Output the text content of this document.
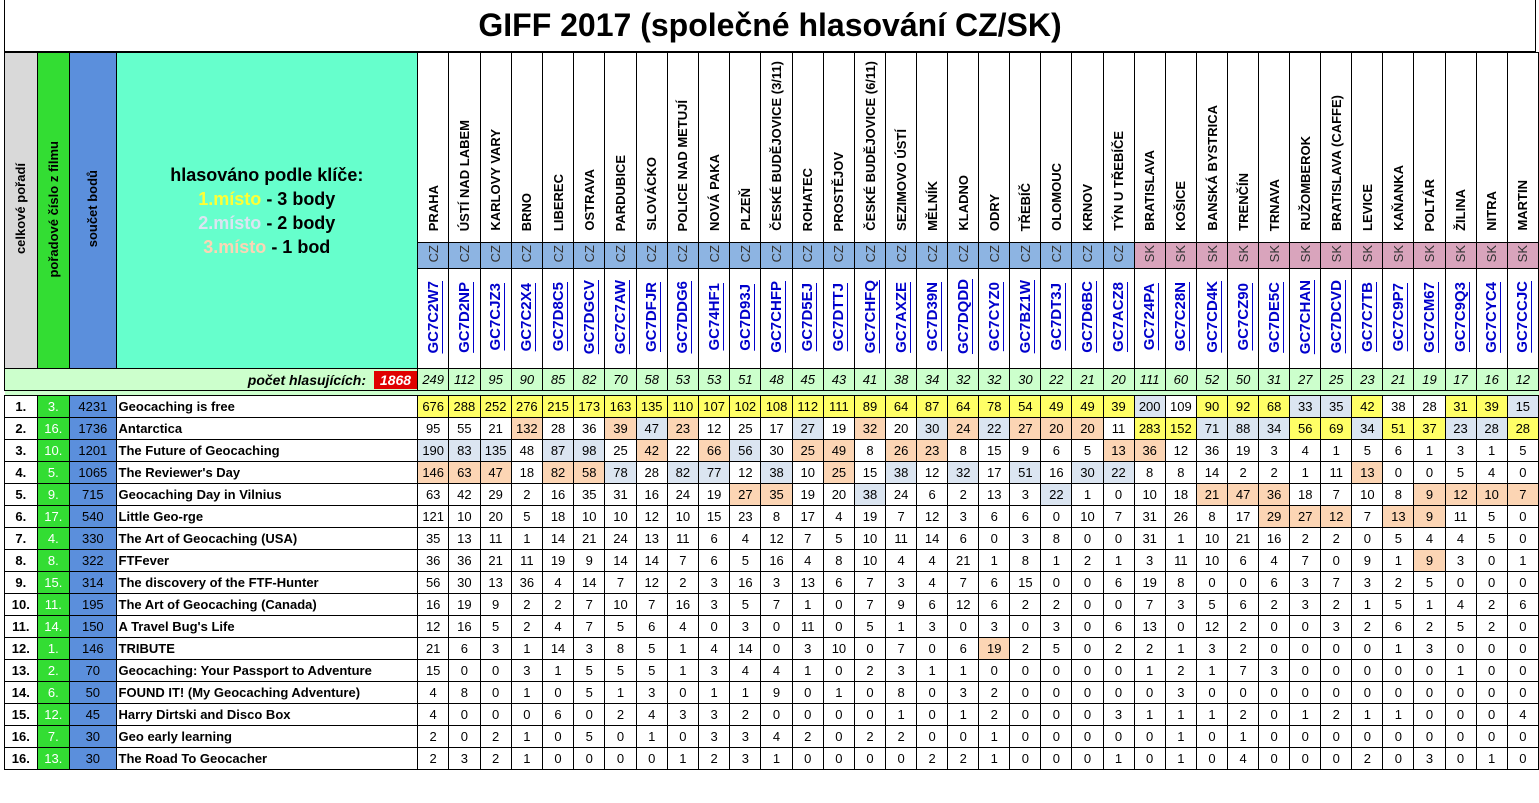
GIFF 2017 (společné hlasování CZ/SK)
celkové pořadí	pořadové číslo z filmu	součet bodů	hlasováno podle klíče:
1.místo - 3 body
2.místo - 2 body
3.místo - 1 bod	PRAHA	ÚSTÍ NAD LABEM	KARLOVY VARY	BRNO	LIBEREC	OSTRAVA	PARDUBICE	SLOVÁCKO	POLICE NAD METUJÍ	NOVÁ PAKA	PLZEŇ	ČESKÉ BUDĚJOVICE (3/11)	ROHATEC	PROSTĚJOV	ČESKÉ BUDĚJOVICE (6/11)	SEZIMOVO ÚSTÍ	MĚLNÍK	KLADNO	ODRY	TŘEBÍČ	OLOMOUC	KRNOV	TÝN U TŘEBÍČE	BRATISLAVA	KOŠICE	BANSKÁ BYSTRICA	TRENČÍN	TRNAVA	RUŽOMBEROK	BRATISLAVA (CAFFE)	LEVICE	KAŇANKA	POLTÁR	ŽILINA	NITRA	MARTIN
				CZ	CZ	CZ	CZ	CZ	CZ	CZ	CZ	CZ	CZ	CZ	CZ	CZ	CZ	CZ	CZ	CZ	CZ	CZ	CZ	CZ	CZ	CZ	SK	SK	SK	SK	SK	SK	SK	SK	SK	SK	SK	SK	SK
				GC7C2W7	GC7D2NP	GC7CJZ3	GC7C2X4	GC7D8C5	GC7DGCV	GC7C7AW	GC7DFJR	GC7DDG6	GC74HF1	GC7D93J	GC7CHFP	GC7D5EJ	GC7DTTJ	GC7CHFQ	GC7AXZE	GC7D39N	GC7DQDD	GC7CYZ0	GC7BZ1W	GC7DT3J	GC7D6BC	GC7ACZ8	GC724PA	GC7C28N	GC7CD4K	GC7CZ90	GC7DE5C	GC7CHAN	GC7DCVD	GC7C7TB	GC7C9P7	GC7CM67	GC7C9Q3	GC7CYC4	GC7CCJC
počet hlasujících: 1868				249	112	95	90	85	82	70	58	53	53	51	48	45	43	41	38	34	32	32	30	22	21	20	111	60	52	50	31	27	25	23	21	19	17	16	12

1.	3.	4231	Geocaching is free	676	288	252	276	215	173	163	135	110	107	102	108	112	111	89	64	87	64	78	54	49	49	39	200	109	90	92	68	33	35	42	38	28	31	39	15
2.	16.	1736	Antarctica	95	55	21	132	28	36	39	47	23	12	25	17	27	19	32	20	30	24	22	27	20	20	11	283	152	71	88	34	56	69	34	51	37	23	28	28
3.	10.	1201	The Future of Geocaching	190	83	135	48	87	98	25	42	22	66	56	30	25	49	8	26	23	8	15	9	6	5	13	36	12	36	19	3	4	1	5	6	1	3	1	5
4.	5.	1065	The Reviewer's Day	146	63	47	18	82	58	78	28	82	77	12	38	10	25	15	38	12	32	17	51	16	30	22	8	8	14	2	2	1	11	13	0	0	5	4	0
5.	9.	715	Geocaching Day in Vilnius	63	42	29	2	16	35	31	16	24	19	27	35	19	20	38	24	6	2	13	3	22	1	0	10	18	21	47	36	18	7	10	8	9	12	10	7
6.	17.	540	Little Geo-rge	121	10	20	5	18	10	10	12	10	15	23	8	17	4	19	7	12	3	6	6	0	10	7	31	26	8	17	29	27	12	7	13	9	11	5	0
7.	4.	330	The Art of Geocaching (USA)	35	13	11	1	14	21	24	13	11	6	4	12	7	5	10	11	14	6	0	3	8	0	0	31	1	10	21	16	2	2	0	5	4	4	5	0
8.	8.	322	FTFever	36	36	21	11	19	9	14	14	7	6	5	16	4	8	10	4	4	21	1	8	1	2	1	3	11	10	6	4	7	0	9	1	9	3	0	1
9.	15.	314	The discovery of the FTF-Hunter	56	30	13	36	4	14	7	12	2	3	16	3	13	6	7	3	4	7	6	15	0	0	6	19	8	0	0	6	3	7	3	2	5	0	0	0
10.	11.	195	The Art of Geocaching (Canada)	16	19	9	2	2	7	10	7	16	3	5	7	1	0	7	9	6	12	6	2	2	0	0	7	3	5	6	2	3	2	1	5	1	4	2	6
11.	14.	150	A Travel Bug's Life	12	16	5	2	4	7	5	6	4	0	3	0	11	0	5	1	3	0	3	0	3	0	6	13	0	12	2	0	0	3	2	6	2	5	2	0
12.	1.	146	TRIBUTE	21	6	3	1	14	3	8	5	1	4	14	0	3	10	0	7	0	6	19	2	5	0	2	2	1	3	2	0	0	0	0	1	3	0	0	0
13.	2.	70	Geocaching: Your Passport to Adventure	15	0	0	3	1	5	5	5	1	3	4	4	1	0	2	3	1	1	0	0	0	0	0	1	2	1	7	3	0	0	0	0	0	1	0	0
14.	6.	50	FOUND IT! (My Geocaching Adventure)	4	8	0	1	0	5	1	3	0	1	1	9	0	1	0	8	0	3	2	0	0	0	0	0	3	0	0	0	0	0	0	0	0	0	0	0
15.	12.	45	Harry Dirtski and Disco Box	4	0	0	0	6	0	2	4	3	3	2	0	0	0	0	1	0	1	2	0	0	0	3	1	1	1	2	0	1	2	1	1	0	0	0	4
16.	7.	30	Geo early learning	2	0	2	1	0	5	0	1	0	3	3	4	2	0	2	2	0	0	1	0	0	0	0	0	1	0	1	0	0	0	0	0	0	0	0	0
16.	13.	30	The Road To Geocacher	2	3	2	1	0	0	0	0	1	2	3	1	0	0	0	0	2	2	1	0	0	0	1	0	1	0	4	0	0	0	2	0	3	0	1	0
